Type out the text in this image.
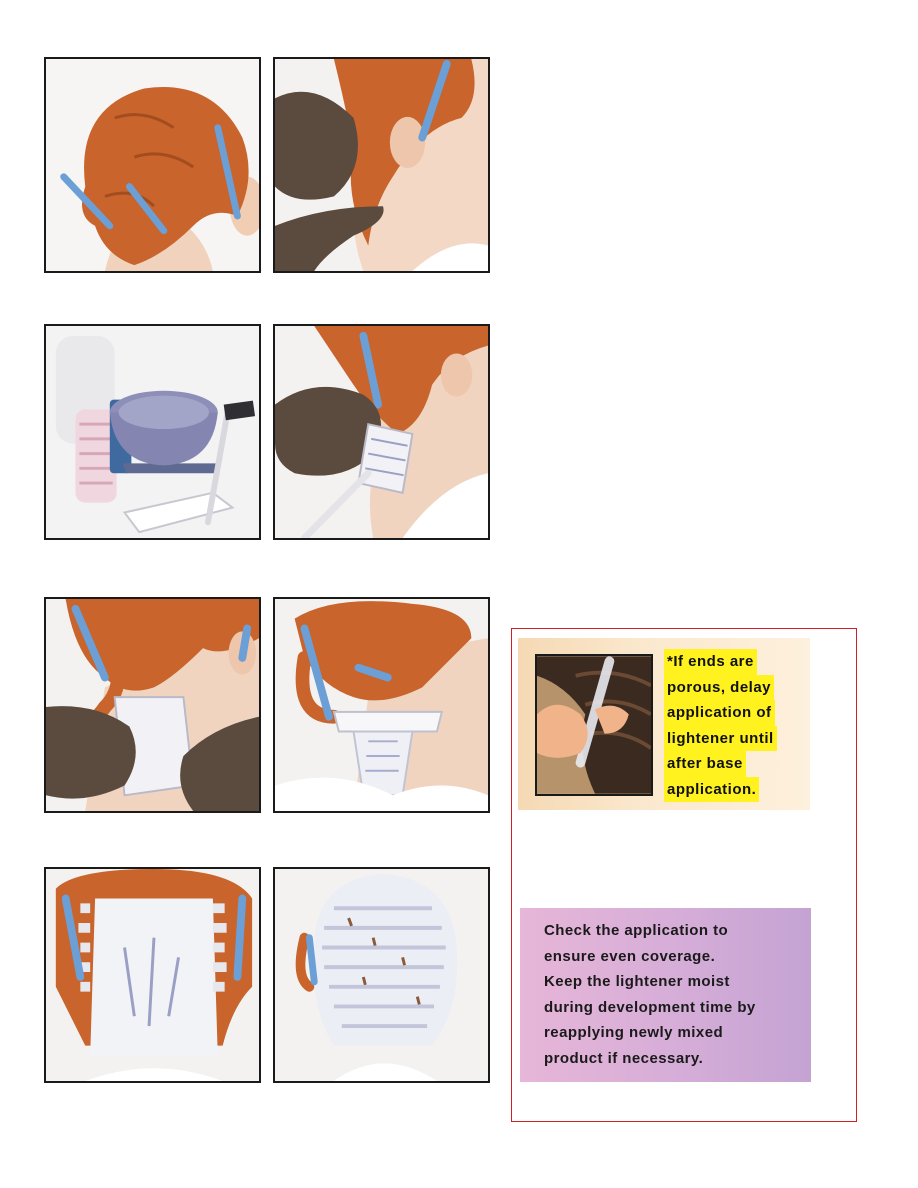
*If ends are
porous, delay
application of
lightener until
after base
application.
Check the application to
ensure even coverage.
Keep the lightener moist
during development time by
reapplying newly mixed
product if necessary.
